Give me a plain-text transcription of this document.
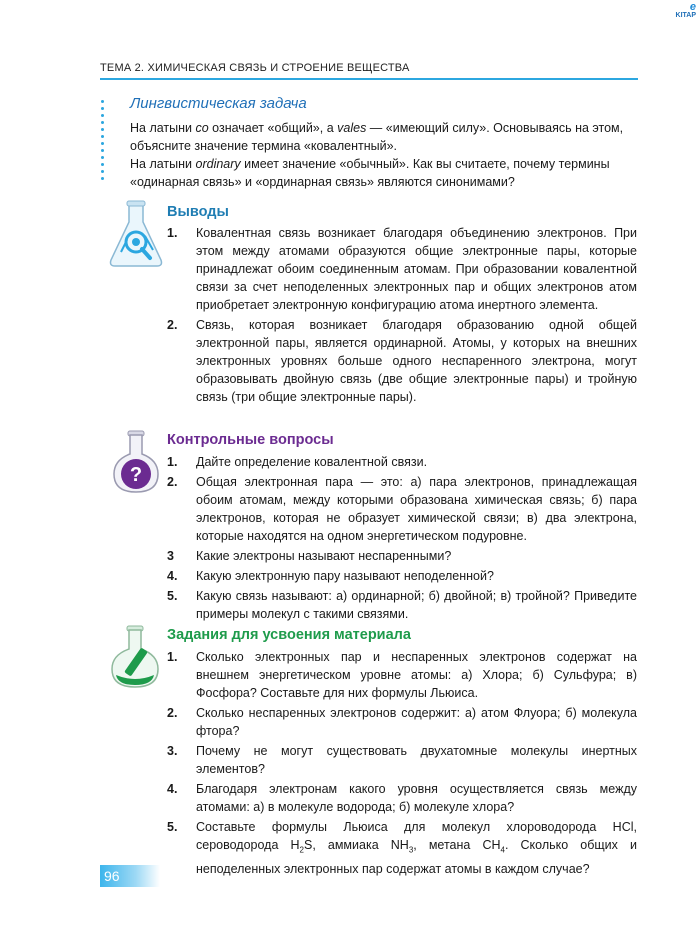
e
KITAP
ТЕМА 2. ХИМИЧЕСКАЯ СВЯЗЬ И СТРОЕНИЕ ВЕЩЕСТВА
Лингвистическая задача

На латыни co означает «общий», а vales — «имеющий силу». Основываясь на этом, объясните значение термина «ковалентный».

На латыни ordinary имеет значение «обычный». Как вы считаете, почему термины «одинарная связь» и «ординарная связь» являются синонимами?

Выводы
1. Ковалентная связь возникает благодаря объединению электронов. При этом между атомами образуются общие электронные пары, которые принадлежат обоим соединенным атомам. При образовании ковалентной связи за счет неподеленных электронных пар и общих электронов атом приобретает электронную конфигурацию атома инертного элемента.
2. Связь, которая возникает благодаря образованию одной общей электронной пары, является ординарной. Атомы, у которых на внешних электронных уровнях больше одного неспаренного электрона, могут образовывать двойную связь (две общие электронные пары) и тройную связь (три общие электронные пары).
?
Контрольные вопросы
1. Дайте определение ковалентной связи.
2. Общая электронная пара — это: а) пара электронов, принадлежащая обоим атомам, между которыми образована химическая связь; б) пара электронов, которая не образует химической связи; в) два электрона, которые находятся на одном энергетическом подуровне.
3 Какие электроны называют неспаренными?
4. Какую электронную пару называют неподеленной?
5. Какую связь называют: а) ординарной; б) двойной; в) тройной? Приведите примеры молекул с такими связями.
Задания для усвоения материала
1. Сколько электронных пар и неспаренных электронов содержат на внешнем энергетическом уровне атомы: а) Хлора; б) Сульфура; в) Фосфора? Составьте для них формулы Льюиса.
2. Сколько неспаренных электронов содержит: а) атом Флуора; б) молекула фтора?
3. Почему не могут существовать двухатомные молекулы инертных элементов?
4. Благодаря электронам какого уровня осуществляется связь между атомами: а) в молекуле водорода; б) молекуле хлора?
5. Составьте формулы Льюиса для молекул хлороводорода HCl, сероводорода $H_2S$, аммиака $NH_3$, метана $CH_4$. Сколько общих и неподеленных электронных пар содержат атомы в каждом случае?
96
